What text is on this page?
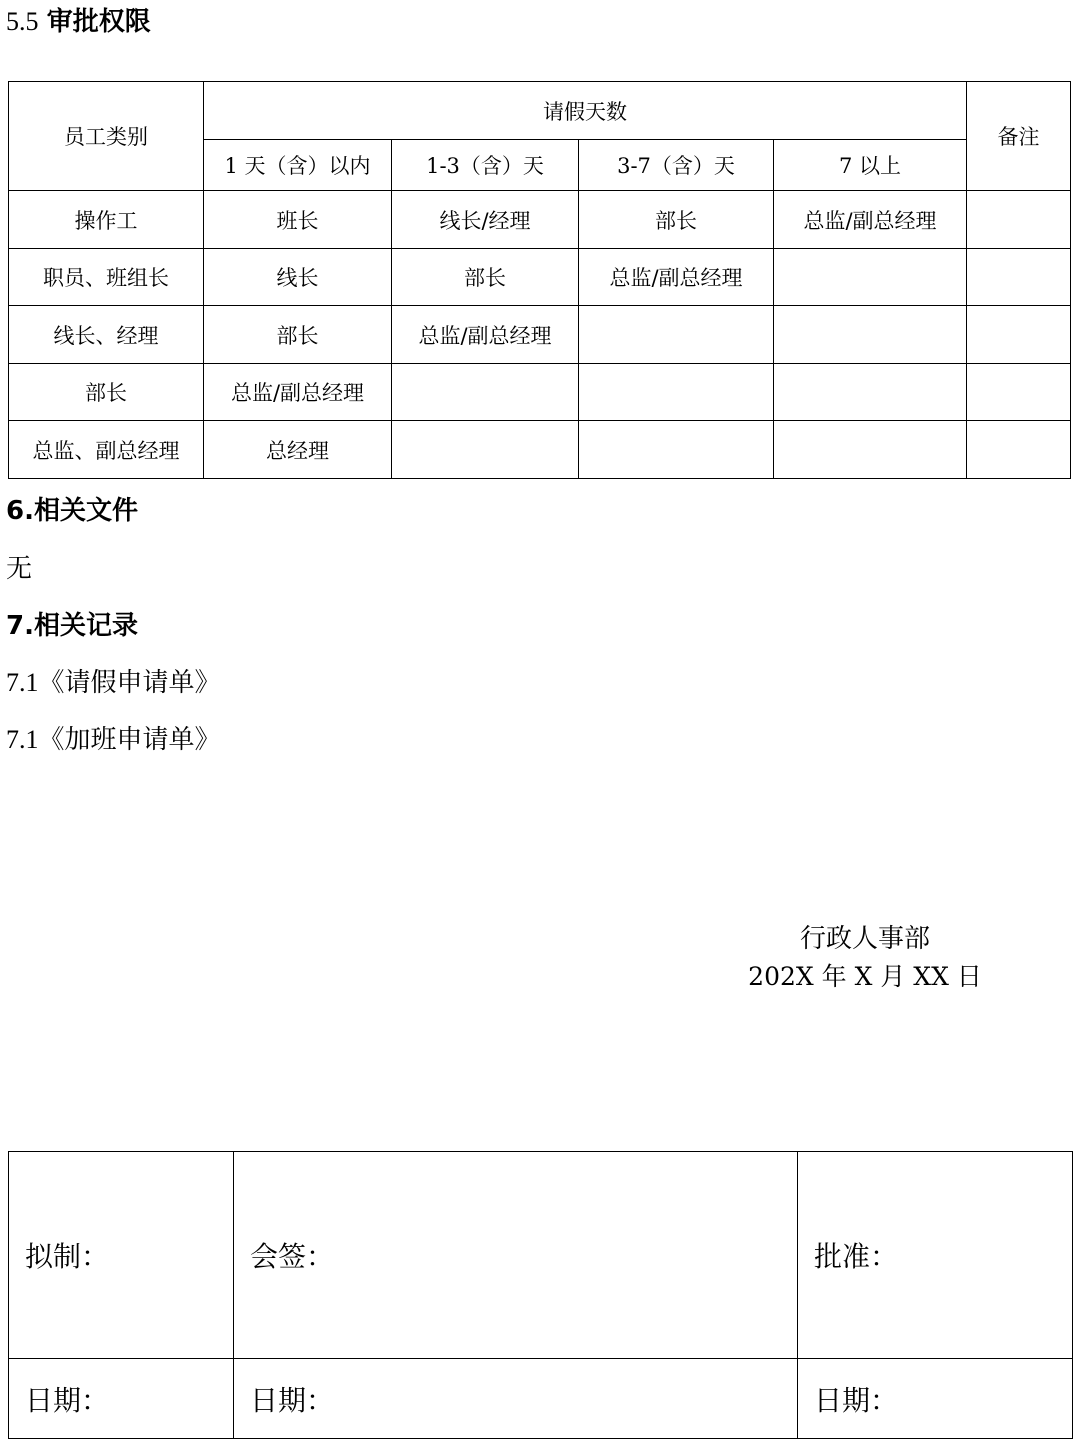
5.5 审批权限
员工类别	请假天数				备注
	1 天（含）以内	1-3（含）天	3-7（含）天	7 以上	
操作工	班长	线长/经理	部长	总监/副总经理	
职员、班组长	线长	部长	总监/副总经理		
线长、经理	部长	总监/副总经理			
部长	总监/副总经理				
总监、副总经理	总经理				
6.相关文件
无
7.相关记录
7.1《请假申请单》
7.1《加班申请单》
行政人事部
202X 年 X 月 XX 日
拟制：	会签：	批准：
日期：	日期：	日期：
